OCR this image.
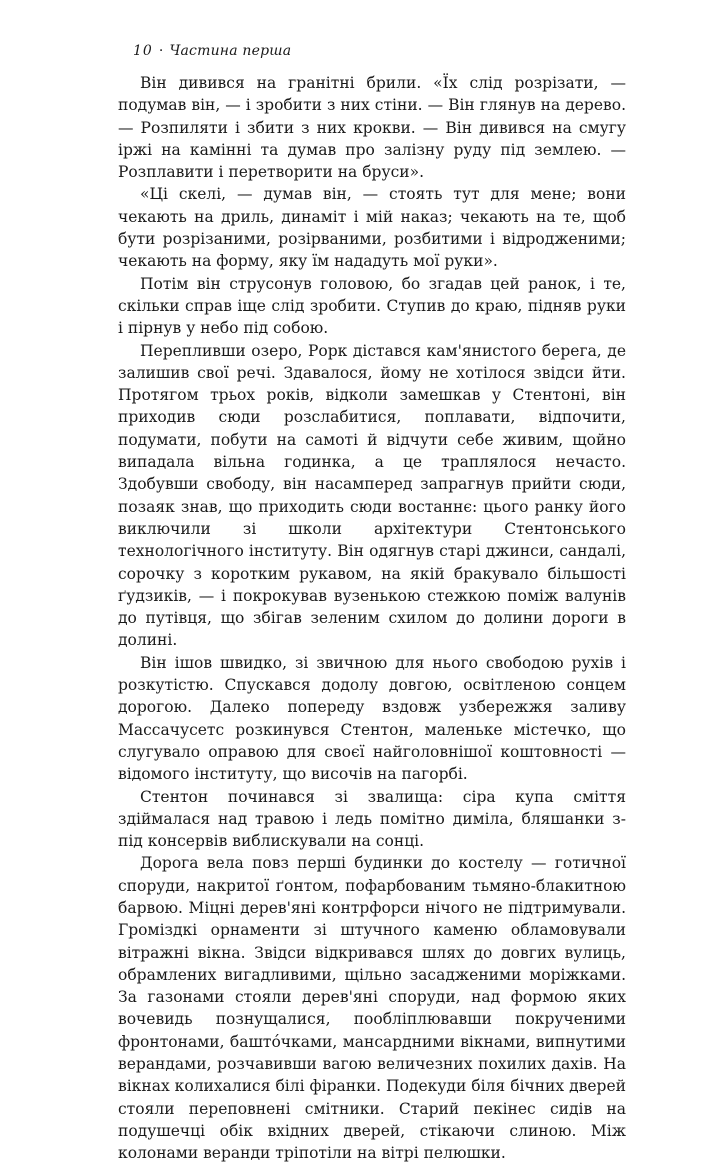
10 · Частина перша

Він дивився на гранітні брили. «Їх слід розрізати, — подумав він, — і зробити з них стіни. — Він глянув на дерево. — Розпиляти і збити з них крокви. — Він дивився на смугу іржі на камінні та думав про залізну руду під землею. — Розплавити і перетворити на бруси».

«Ці скелі, — думав він, — стоять тут для мене; вони чекають на дриль, динаміт і мій наказ; чекають на те, щоб бути розрізаними, розірваними, розбитими і відродженими; чекають на форму, яку їм нададуть мої руки».

Потім він струсонув головою, бо згадав цей ранок, і те, скільки справ іще слід зробити. Ступив до краю, підняв руки і пірнув у небо під собою.

Перепливши озеро, Рорк дістався кам'янистого берега, де залишив свої речі. Здавалося, йому не хотілося звідси йти. Протягом трьох років, відколи замешкав у Стентоні, він приходив сюди розслабитися, поплавати, відпочити, подумати, побути на самоті й відчути себе живим, щойно випадала вільна годинка, а це траплялося нечасто. Здобувши свободу, він насамперед запрагнув прийти сюди, позаяк знав, що приходить сюди востаннє: цього ранку його виключили зі школи архітектури Стентонського технологічного інституту. Він одягнув старі джинси, сандалі, сорочку з коротким рукавом, на якій бракувало більшості ґудзиків, — і покрокував вузенькою стежкою поміж валунів до путівця, що збігав зеленим схилом до долини дороги в долині.

Він ішов швидко, зі звичною для нього свободою рухів і розкутістю. Спускався додолу довгою, освітленою сонцем дорогою. Далеко попереду вздовж узбережжя заливу Массачусетс розкинувся Стентон, маленьке містечко, що слугувало оправою для своєї найголовнішої коштовності — відомого інституту, що височів на пагорбі.

Стентон починався зі звалища: сіра купа сміття здіймалася над травою і ледь помітно диміла, бляшанки з-під консервів виблискували на сонці.

Дорога вела повз перші будинки до костелу — готичної споруди, накритої ґонтом, пофарбованим тьмяно-блакитною барвою. Міцні дерев'яні контрфорси нічого не підтримували. Громіздкі орнаменти зі штучного каменю обламовували вітражні вікна. Звідси відкривався шлях до довгих вулиць, обрамлених вигадливими, щільно засадженими моріжками. За газонами стояли дерев'яні споруди, над формою яких вочевидь познущалися, пообліплювавши покрученими фронтонами, баштóчками, мансардними вікнами, випнутими верандами, розчавивши вагою величезних похилих дахів. На вікнах колихалися білі фіранки. Подекуди біля бічних дверей стояли переповнені смітники. Старий пекінес сидів на подушечці обік вхідних дверей, стікаючи слиною. Між колонами веранди тріпотіли на вітрі пелюшки.
